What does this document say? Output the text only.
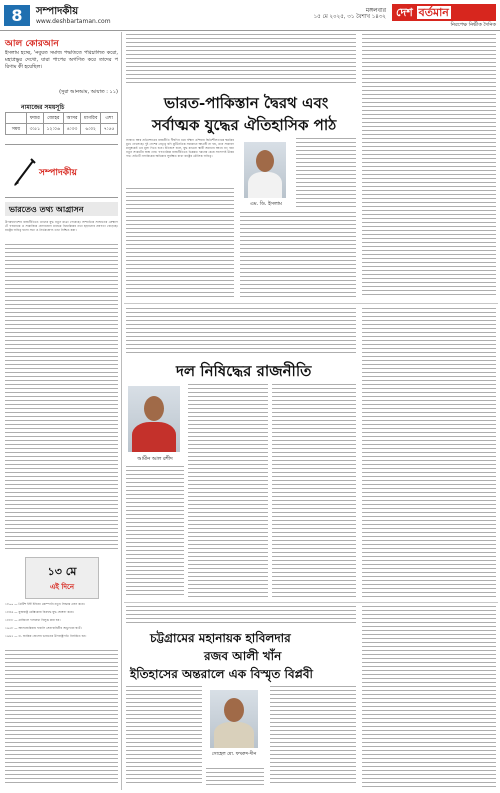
8	সম্পাদকীয়
www.deshbartaman.com
মঙ্গলবার
১৫ মে ২০২৫, ৩১ বৈশাখ ১৪৩২ দেশ বর্তমান
নিরপেক্ষ নির্ভীক দৈনিক
আল কোরআন
ইসলাম হচ্ছে, 'নবুয়ত সমাজ পদ্ধতিতে পরিচালিত করো, মহাপ্রভুর দেখো, যারা পাপের অগণিত করে তাদের পরিণাম কী হয়েছিল।
(সুরা আনআম, আয়াত : ১১)
নামাজের সময়সূচি
	ফজর	জোহর	আসর	মাগরিব	এশা
সময়	৩:৫১	১২:০৬	৪:৩৩	৬:৩২	৭:৫৫
সম্পাদকীয়
ভারতেও তথ্য আগ্রাসন
উপমহাদেশের রাজনীতিতে তথ্যের যুদ্ধ নতুন মাত্রা পেয়েছে। সাম্প্রতিক সংঘাতের প্রেক্ষাপটে গণমাধ্যম ও সামাজিক যোগাযোগ মাধ্যমে বিভ্রান্তিকর তথ্য ছড়ানোর প্রবণতা বেড়েছে। রাষ্ট্রের দায়িত্ব হলো সত্য ও নির্ভরযোগ্য তথ্য নিশ্চিত করা।
১৩ মে
এই দিনে
১৮০০ — ব্রিটিশ ইস্ট ইন্ডিয়া কোম্পানি নতুন সিদ্ধান্ত গ্রহণ করে।
১৮৪৬ — যুক্তরাষ্ট্র মেক্সিকোর বিরুদ্ধে যুদ্ধ ঘোষণা করে।
১৮৮৮ — ব্রাজিলে দাসপ্রথা বিলুপ্ত করা হয়।
১৯৫৮ — আলজেরিয়ায় ফরাসি সেনাবাহিনীর অভ্যুত্থান ঘটে।
১৯৬২ — ড. জাকির হোসেন ভারতের উপরাষ্ট্রপতি নির্বাচিত হন।
ভারত-পাকিস্তান দ্বৈরথ এবং
সর্বাত্মক যুদ্ধের ঐতিহাসিক পাঠ
সংঘাত আর প্রতিশোধের রাজনীতি দীর্ঘদিন ধরে দক্ষিণ এশিয়ার স্থিতিশীলতাকে হুমকির মুখে ফেলেছে। দুই দেশের নেতৃত্ব যদি কূটনৈতিক সমাধানে আগ্রহী না হয়, তবে সাধারণ মানুষকেই এর মূল্য দিতে হবে। ইতিহাস বলে, যুদ্ধ কখনো স্থায়ী সমাধান আনে না; বরং নতুন সংকটের জন্ম দেয়। গণতান্ত্রিক রাজনীতিতে ভিন্নমত দমনের চেয়ে সংলাপই উত্তম পথ। প্রতিটি নাগরিকের অধিকার সুরক্ষিত রাখা রাষ্ট্রের মৌলিক দায়িত্ব।
এম. ডি. ইসলাম
দল নিষিদ্ধের রাজনীতি
আমীন আল রশীদ
চট্টগ্রামের মহানায়ক হাবিলদার
রজব আলী খাঁন
ইতিহাসের অন্তরালে এক বিস্মৃত বিপ্লবী
সোহেল মো. ফখরুদ-দীন
